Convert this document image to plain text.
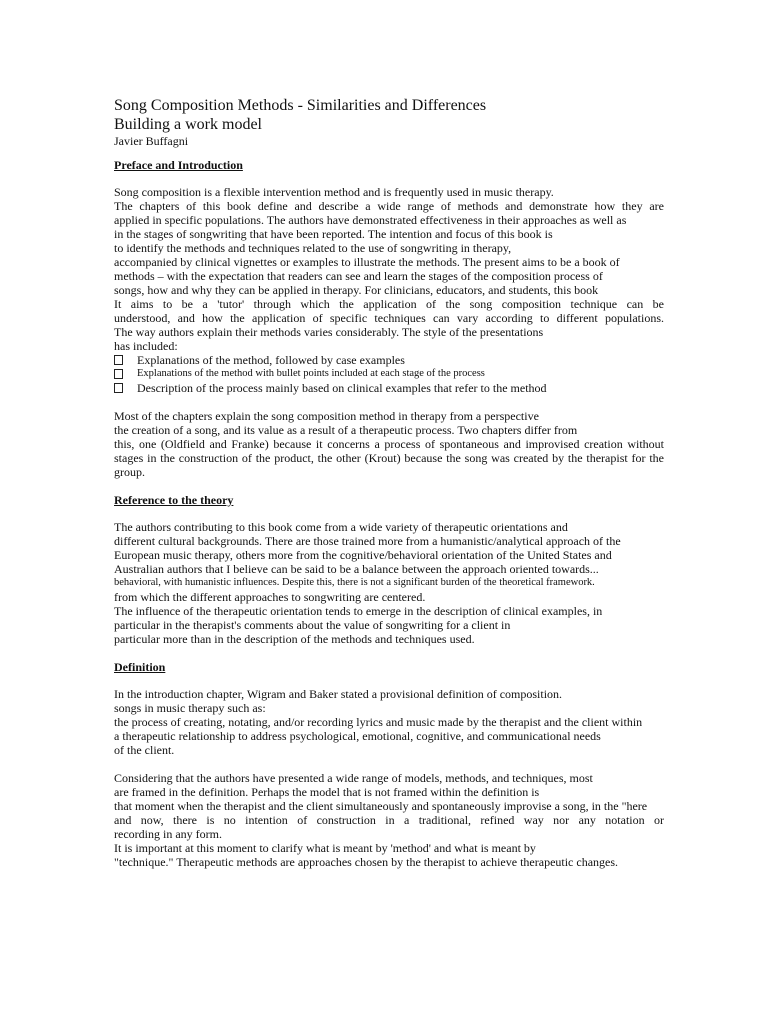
Song Composition Methods - Similarities and Differences
Building a work model
Javier Buffagni
Preface and Introduction
Song composition is a flexible intervention method and is frequently used in music therapy.
The chapters of this book define and describe a wide range of methods and demonstrate how they are
applied in specific populations. The authors have demonstrated effectiveness in their approaches as well as
in the stages of songwriting that have been reported. The intention and focus of this book is
to identify the methods and techniques related to the use of songwriting in therapy,
accompanied by clinical vignettes or examples to illustrate the methods. The present aims to be a book of
methods – with the expectation that readers can see and learn the stages of the composition process of
songs, how and why they can be applied in therapy. For clinicians, educators, and students, this book
It aims to be a 'tutor' through which the application of the song composition technique can be
understood, and how the application of specific techniques can vary according to different populations.
The way authors explain their methods varies considerably. The style of the presentations
has included:
Explanations of the method, followed by case examples
Explanations of the method with bullet points included at each stage of the process
Description of the process mainly based on clinical examples that refer to the method
Most of the chapters explain the song composition method in therapy from a perspective
the creation of a song, and its value as a result of a therapeutic process. Two chapters differ from
this, one (Oldfield and Franke) because it concerns a process of spontaneous and improvised creation without
stages in the construction of the product, the other (Krout) because the song was created by the therapist for the
group.
Reference to the theory
The authors contributing to this book come from a wide variety of therapeutic orientations and
different cultural backgrounds. There are those trained more from a humanistic/analytical approach of the
European music therapy, others more from the cognitive/behavioral orientation of the United States and
Australian authors that I believe can be said to be a balance between the approach oriented towards...
behavioral, with humanistic influences. Despite this, there is not a significant burden of the theoretical framework.
from which the different approaches to songwriting are centered.
The influence of the therapeutic orientation tends to emerge in the description of clinical examples, in
particular in the therapist's comments about the value of songwriting for a client in
particular more than in the description of the methods and techniques used.
Definition
In the introduction chapter, Wigram and Baker stated a provisional definition of composition.
songs in music therapy such as:
the process of creating, notating, and/or recording lyrics and music made by the therapist and the client within
a therapeutic relationship to address psychological, emotional, cognitive, and communicational needs
of the client.
Considering that the authors have presented a wide range of models, methods, and techniques, most
are framed in the definition. Perhaps the model that is not framed within the definition is
that moment when the therapist and the client simultaneously and spontaneously improvise a song, in the "here
and now, there is no intention of construction in a traditional, refined way nor any notation or
recording in any form.
It is important at this moment to clarify what is meant by 'method' and what is meant by
"technique." Therapeutic methods are approaches chosen by the therapist to achieve therapeutic changes.
